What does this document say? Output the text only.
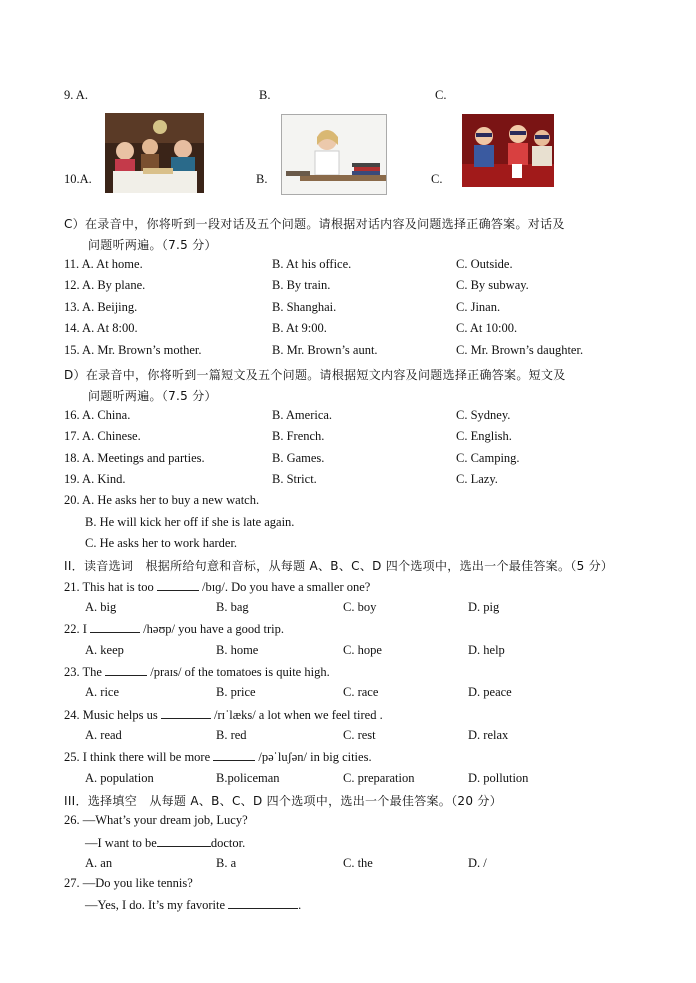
9. A.	B.	C.
10.A.	B.	C.
C）在录音中，你将听到一段对话及五个问题。请根据对话内容及问题选择正确答案。对话及
问题听两遍。（7.5 分）
11. A. At home.	B. At his office.	C. Outside.
12. A. By plane.	B. By train.	C. By subway.
13. A. Beijing.	B. Shanghai.	C. Jinan.
14. A. At 8:00.	B. At 9:00.	C. At 10:00.
15. A. Mr. Brown’s mother.	B. Mr. Brown’s aunt.	C. Mr. Brown’s daughter.
D）在录音中，你将听到一篇短文及五个问题。请根据短文内容及问题选择正确答案。短文及
问题听两遍。（7.5 分）
16. A. China.	B. America.	C. Sydney.
17. A. Chinese.	B. French.	C. English.
18. A. Meetings and parties.	B. Games.	C. Camping.
19. A. Kind.	B. Strict.	C. Lazy.
20. A. He asks her to buy a new watch.
B. He will kick her off if she is late again.
C. He asks her to work harder.
II．读音选词　根据所给句意和音标，从每题 A、B、C、D 四个选项中，选出一个最佳答案。（5 分）
21. This hat is too	/bɪɡ/. Do you have a smaller one?
A. big	B. bag	C. boy	D. pig
22. I	/həʊp/ you have a good trip.
A. keep	B. home	C. hope	D. help
23. The	/praɪs/ of the tomatoes is quite high.
A. rice	B. price	C. race	D. peace
24. Music helps us	/rɪˈlæks/ a lot when we feel tired .
A. read	B. red	C. rest	D. relax
25. I think there will be more	/pəˈluʃən/ in big cities.
A. population	B.policeman	C. preparation	D. pollution
III．选择填空　从每题 A、B、C、D 四个选项中，选出一个最佳答案。（20 分）
26. —What’s your dream job, Lucy?
—I want to be	doctor.
A. an	B. a	C. the	D. /
27. —Do you like tennis?
—Yes, I do. It’s my favorite	.
